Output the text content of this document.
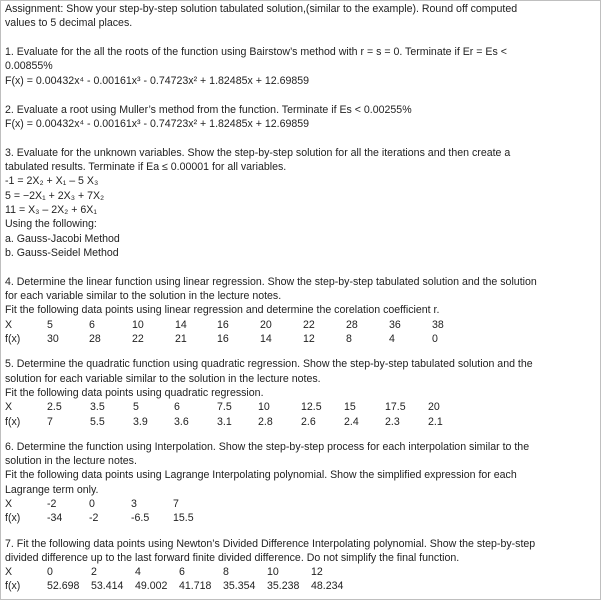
Assignment: Show your step-by-step solution tabulated solution,(similar to the example). Round off computed
values to 5 decimal places.
1. Evaluate for the all the roots of the function using Bairstow’s method with r = s = 0. Terminate if Er = Es <
0.00855%
F(x) = 0.00432x⁴ - 0.00161x³ - 0.74723x² + 1.82485x + 12.69859
2. Evaluate a root using Muller’s method from the function. Terminate if Es < 0.00255%
F(x) = 0.00432x⁴ - 0.00161x³ - 0.74723x² + 1.82485x + 12.69859
3. Evaluate for the unknown variables. Show the step-by-step solution for all the iterations and then create a
tabulated results. Terminate if Ea ≤ 0.00001 for all variables.
-1 = 2X₂ + X₁ – 5 X₃
5 = −2X₁ + 2X₃ + 7X₂
11 = X₃ – 2X₂ + 6X₁
Using the following:
a. Gauss-Jacobi Method
b. Gauss-Seidel Method
4. Determine the linear function using linear regression. Show the step-by-step tabulated solution and the solution
for each variable similar to the solution in the lecture notes.
Fit the following data points using linear regression and determine the corelation coefficient r.
X	5	6	10	14	16	20	22	28	36	38
f(x)	30	28	22	21	16	14	12	8	4	0
5. Determine the quadratic function using quadratic regression. Show the step-by-step tabulated solution and the
solution for each variable similar to the solution in the lecture notes.
Fit the following data points using quadratic regression.
X	2.5	3.5	5	6	7.5	10	12.5	15	17.5	20
f(x)	7	5.5	3.9	3.6	3.1	2.8	2.6	2.4	2.3	2.1
6. Determine the function using Interpolation. Show the step-by-step process for each interpolation similar to the
solution in the lecture notes.
Fit the following data points using Lagrange Interpolating polynomial. Show the simplified expression for each
Lagrange term only.
X	-2	0	3	7
f(x)	-34	-2	-6.5	15.5
7. Fit the following data points using Newton’s Divided Difference Interpolating polynomial. Show the step-by-step
divided difference up to the last forward finite divided difference. Do not simplify the final function.
X	0	2	4	6	8	10	12
f(x)	52.698	53.414	49.002	41.718	35.354	35.238	48.234
